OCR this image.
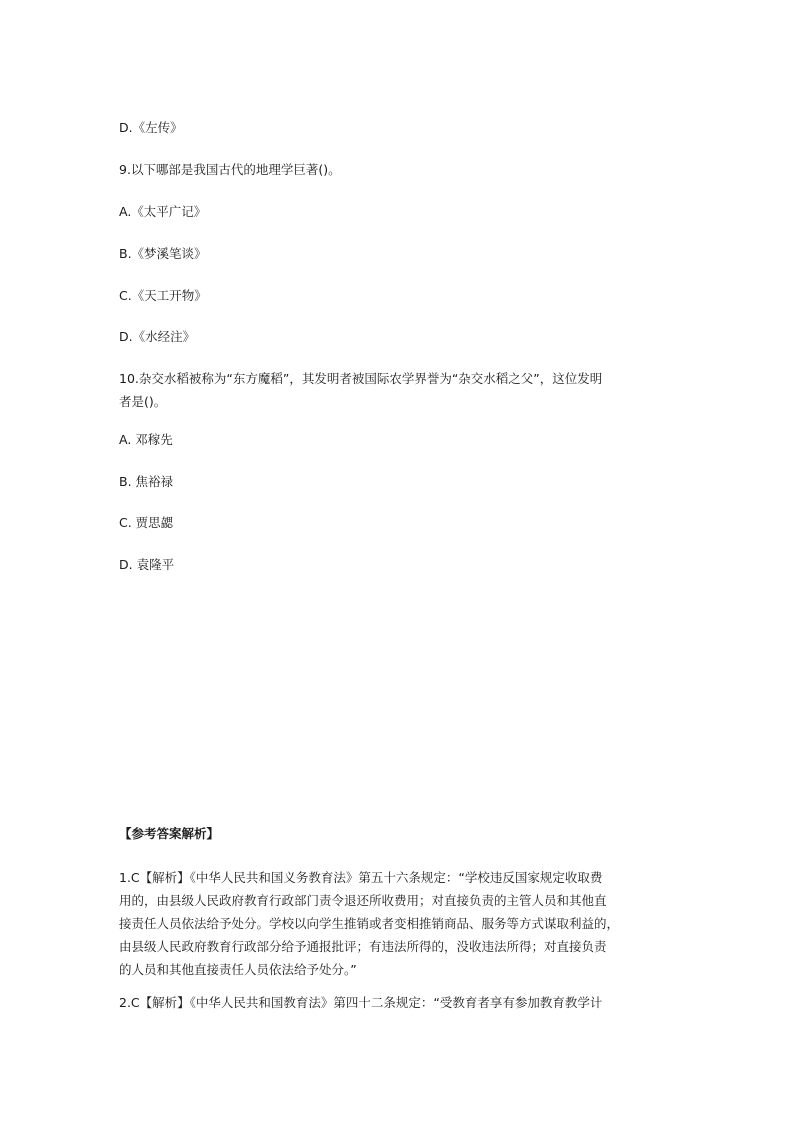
D.《左传》
9.以下哪部是我国古代的地理学巨著()。
A.《太平广记》
B.《梦溪笔谈》
C.《天工开物》
D.《水经注》
10.杂交水稻被称为“东方魔稻”，其发明者被国际农学界誉为“杂交水稻之父”，这位发明
者是()。
A. 邓稼先
B. 焦裕禄
C. 贾思勰
D. 袁隆平
【参考答案解析】
1.C【解析】《中华人民共和国义务教育法》第五十六条规定：“学校违反国家规定收取费
用的，由县级人民政府教育行政部门责令退还所收费用；对直接负责的主管人员和其他直
接责任人员依法给予处分。学校以向学生推销或者变相推销商品、服务等方式谋取利益的，
由县级人民政府教育行政部分给予通报批评；有违法所得的，没收违法所得；对直接负责
的人员和其他直接责任人员依法给予处分。”
2.C【解析】《中华人民共和国教育法》第四十二条规定：“受教育者享有参加教育教学计
